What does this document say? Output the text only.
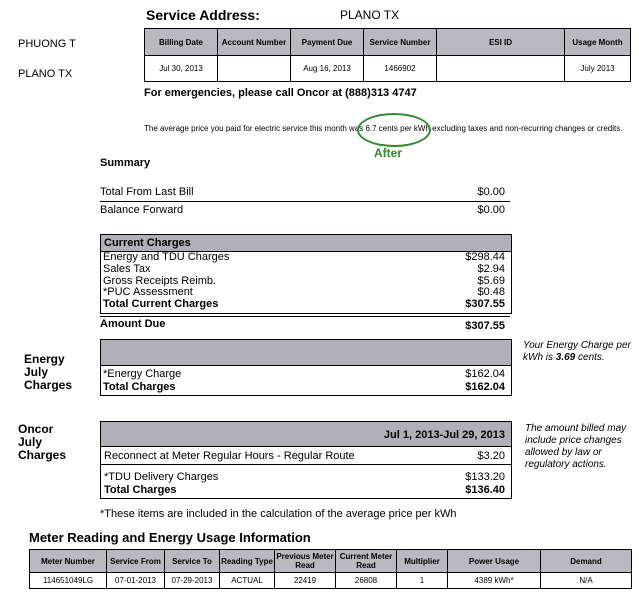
Service Address:	PLANO TX
PHUONG T
PLANO TX
Billing Date	Account Number	Payment Due	Service Number	ESI ID	Usage Month
Jul 30, 2013		Aug 16, 2013	1466902		July 2013
For emergencies, please call Oncor at (888)313 4747
The average price you paid for electric service this month was 6.7 cents per kWh excluding taxes and non-recurring changes or credits.
After
Summary
Total From Last Bill	$0.00
Balance Forward	$0.00
Current Charges
Energy and TDU Charges	$298.44
Sales Tax	$2.94
Gross Receipts Reimb.	$5.69
*PUC Assessment	$0.48
Total Current Charges	$307.55
Amount Due	$307.55
Energy July Charges
*Energy Charge	$162.04
Total Charges	$162.04
Your Energy Charge per kWh is 3.69 cents.
Oncor July Charges
Jul 1, 2013-Jul 29, 2013
Reconnect at Meter Regular Hours - Regular Route	$3.20
*TDU Delivery Charges	$133.20
Total Charges	$136.40
The amount billed may include price changes allowed by law or regulatory actions.
*These items are included in the calculation of the average price per kWh
Meter Reading and Energy Usage Information
Meter Number	Service From	Service To	Reading Type	Previous Meter Read	Current Meter Read	Multiplier	Power Usage	Demand
114651049LG	07-01-2013	07-29-2013	ACTUAL	22419	26808	1	4389 kWh*	N/A
